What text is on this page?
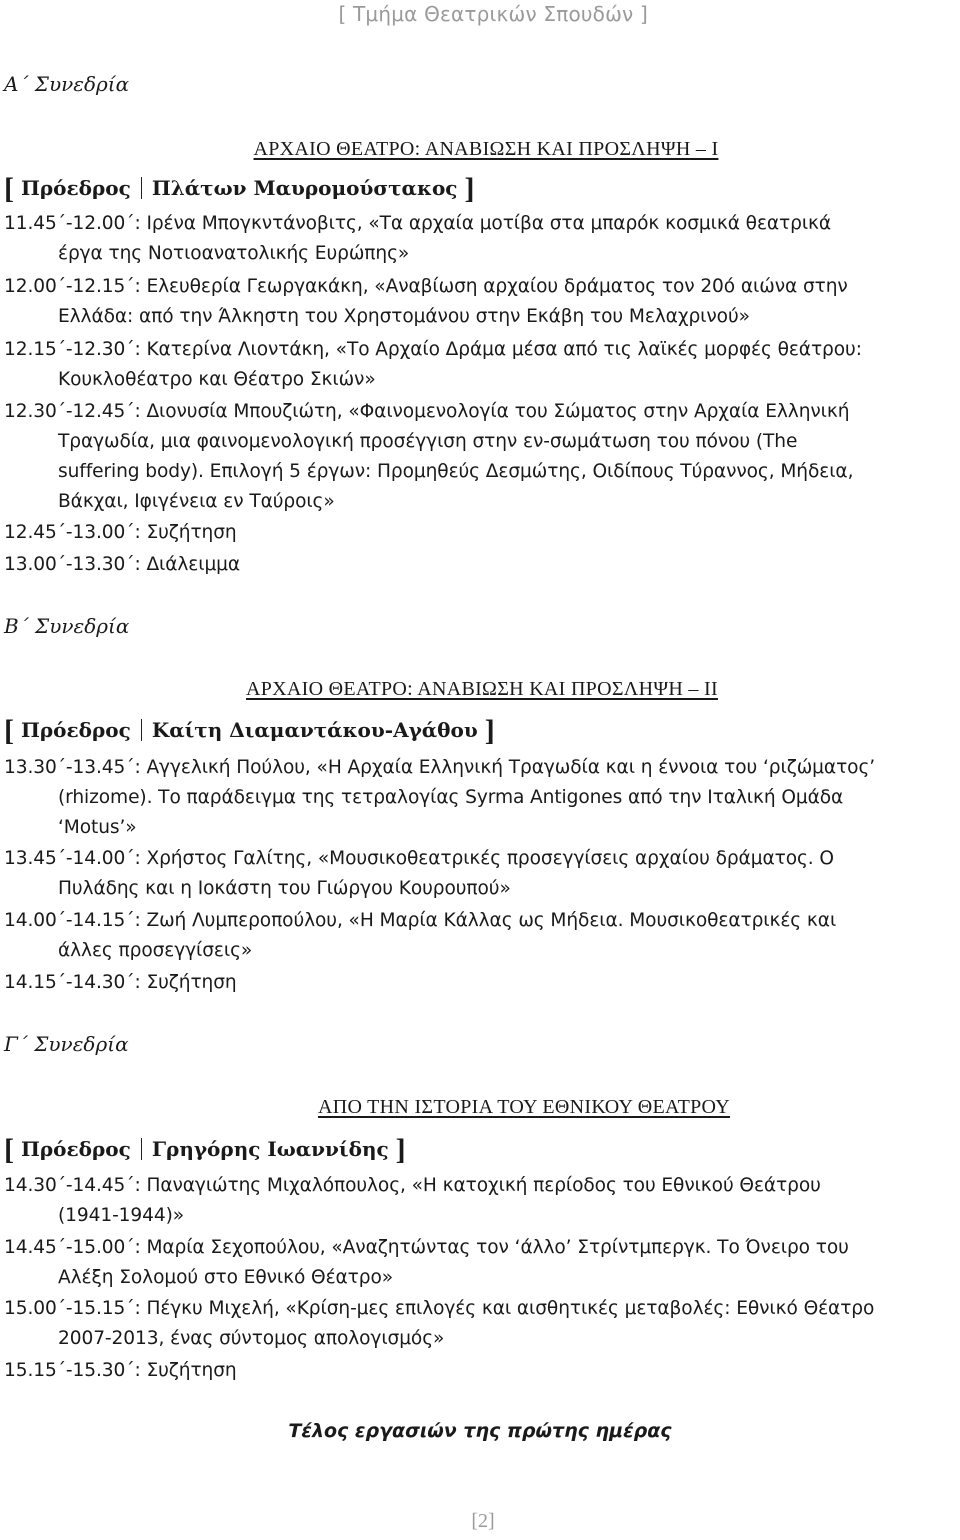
[ Τμήμα Θεατρικών Σπουδών ]
Α΄ Συνεδρία
ΑΡΧΑΙΟ ΘΕΑΤΡΟ: ΑΝΑΒΙΩΣΗ ΚΑΙ ΠΡΟΣΛΗΨΗ – Ι
[ Πρόεδρος Πλάτων Μαυρομούστακος ]
11.45΄-12.00΄: Ιρένα Μπογκντάνοβιτς, «Τα αρχαία μοτίβα στα μπαρόκ κοσμικά θεατρικά
έργα της Νοτιοανατολικής Ευρώπης»
12.00΄-12.15΄: Ελευθερία Γεωργακάκη, «Αναβίωση αρχαίου δράματος τον 20ό αιώνα στην
Ελλάδα: από την Άλκηστη του Χρηστομάνου στην Εκάβη του Μελαχρινού»
12.15΄-12.30΄: Κατερίνα Λιοντάκη, «Το Αρχαίο Δράμα μέσα από τις λαϊκές μορφές θεάτρου:
Κουκλοθέατρο και Θέατρο Σκιών»
12.30΄-12.45΄: Διονυσία Μπουζιώτη, «Φαινομενολογία του Σώματος στην Αρχαία Ελληνική
Τραγωδία, μια φαινομενολογική προσέγγιση στην εν-σωμάτωση του πόνου (The
suffering body). Επιλογή 5 έργων: Προμηθεύς Δεσμώτης, Οιδίπους Τύραννος, Μήδεια,
Βάκχαι, Ιφιγένεια εν Ταύροις»
12.45΄-13.00΄: Συζήτηση
13.00΄-13.30΄: Διάλειμμα
Β΄ Συνεδρία
ΑΡΧΑΙΟ ΘΕΑΤΡΟ: ΑΝΑΒΙΩΣΗ ΚΑΙ ΠΡΟΣΛΗΨΗ – ΙΙ
[ Πρόεδρος Καίτη Διαμαντάκου-Αγάθου ]
13.30΄-13.45΄: Αγγελική Πούλου, «Η Αρχαία Ελληνική Τραγωδία και η έννοια του ‘ριζώματος’
(rhizome). Το παράδειγμα της τετραλογίας Syrma Antigones από την Ιταλική Ομάδα
‘Motus’»
13.45΄-14.00΄: Χρήστος Γαλίτης, «Μουσικοθεατρικές προσεγγίσεις αρχαίου δράματος. Ο
Πυλάδης και η Ιοκάστη του Γιώργου Κουρουπού»
14.00΄-14.15΄: Ζωή Λυμπεροπούλου, «Η Μαρία Κάλλας ως Μήδεια. Μουσικοθεατρικές και
άλλες προσεγγίσεις»
14.15΄-14.30΄: Συζήτηση
Γ΄ Συνεδρία
ΑΠΟ ΤΗΝ ΙΣΤΟΡΙΑ ΤΟΥ ΕΘΝΙΚΟΥ ΘΕΑΤΡΟΥ
[ Πρόεδρος Γρηγόρης Ιωαννίδης ]
14.30΄-14.45΄: Παναγιώτης Μιχαλόπουλος, «Η κατοχική περίοδος του Εθνικού Θεάτρου
(1941-1944)»
14.45΄-15.00΄: Μαρία Σεχοπούλου, «Αναζητώντας τον ‘άλλο’ Στρίντμπεργκ. Το Όνειρο του
Αλέξη Σολομού στο Εθνικό Θέατρο»
15.00΄-15.15΄: Πέγκυ Μιχελή, «Κρίση-μες επιλογές και αισθητικές μεταβολές: Εθνικό Θέατρο
2007-2013, ένας σύντομος απολογισμός»
15.15΄-15.30΄: Συζήτηση
Τέλος εργασιών της πρώτης ημέρας
[2]
